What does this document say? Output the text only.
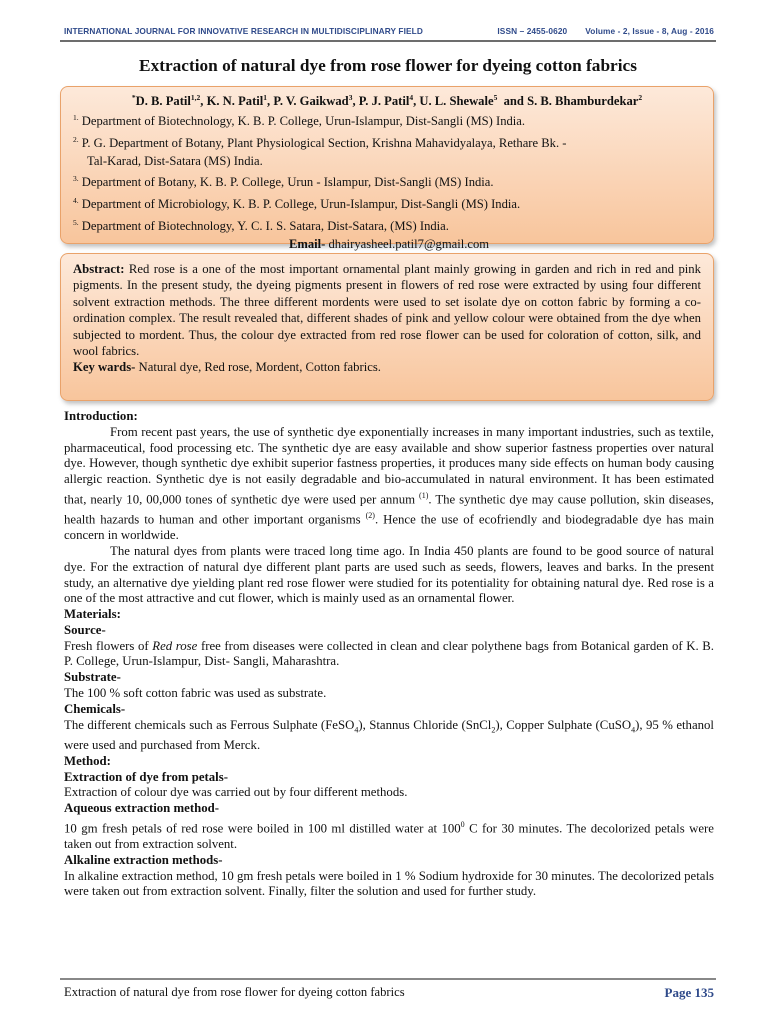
INTERNATIONAL JOURNAL FOR INNOVATIVE RESEARCH IN MULTIDISCIPLINARY FIELD	ISSN – 2455-0620 Volume - 2, Issue - 8, Aug - 2016
Extraction of natural dye from rose flower for dyeing cotton fabrics
*D. B. Patil$^{1,2}$, K. N. Patil$^1$, P. V. Gaikwad$^3$, P. J. Patil$^4$, U. L. Shewale$^5$ and S. B. Bhamburdekar$^2$
$^{1.}$ Department of Biotechnology, K. B. P. College, Urun-Islampur, Dist-Sangli (MS) India.
$^{2.}$ P. G. Department of Botany, Plant Physiological Section, Krishna Mahavidyalaya, Rethare Bk. -
Tal-Karad, Dist-Satara (MS) India.
$^{3.}$ Department of Botany, K. B. P. College, Urun - Islampur, Dist-Sangli (MS) India.
$^{4.}$ Department of Microbiology, K. B. P. College, Urun-Islampur, Dist-Sangli (MS) India.
$^{5.}$ Department of Biotechnology, Y. C. I. S. Satara, Dist-Satara, (MS) India.
Email- dhairyasheel.patil7@gmail.com
Abstract: Red rose is a one of the most important ornamental plant mainly growing in garden and rich in red and pink pigments. In the present study, the dyeing pigments present in flowers of red rose were extracted by using four different solvent extraction methods. The three different mordents were used to set isolate dye on cotton fabric by forming a co-ordination complex. The result revealed that, different shades of pink and yellow colour were obtained from the dye when subjected to mordent. Thus, the colour dye extracted from red rose flower can be used for coloration of cotton, silk, and wool fabrics.
Key wards- Natural dye, Red rose, Mordent, Cotton fabrics.

Introduction:

From recent past years, the use of synthetic dye exponentially increases in many important industries, such as textile, pharmaceutical, food processing etc. The synthetic dye are easy available and show superior fastness properties over natural dye. However, though synthetic dye exhibit superior fastness properties, it produces many side effects on human body causing allergic reaction. Synthetic dye is not easily degradable and bio-accumulated in natural environment. It has been estimated that, nearly 10, 00,000 tones of synthetic dye were used per annum $^{(1)}$. The synthetic dye may cause pollution, skin diseases, health hazards to human and other important organisms $^{(2)}$. Hence the use of ecofriendly and biodegradable dye has main concern in worldwide.

The natural dyes from plants were traced long time ago. In India 450 plants are found to be good source of natural dye. For the extraction of natural dye different plant parts are used such as seeds, flowers, leaves and barks. In the present study, an alternative dye yielding plant red rose flower were studied for its potentiality for obtaining natural dye. Red rose is a one of the most attractive and cut flower, which is mainly used as an ornamental flower.

Materials:

Source-

Fresh flowers of Red rose free from diseases were collected in clean and clear polythene bags from Botanical garden of K. B. P. College, Urun-Islampur, Dist- Sangli, Maharashtra.

Substrate-

The 100 % soft cotton fabric was used as substrate.

Chemicals-

The different chemicals such as Ferrous Sulphate (FeSO$_4$), Stannus Chloride (SnCl$_2$), Copper Sulphate (CuSO$_4$), 95 % ethanol were used and purchased from Merck.

Method:

Extraction of dye from petals-

Extraction of colour dye was carried out by four different methods.

Aqueous extraction method-

10 gm fresh petals of red rose were boiled in 100 ml distilled water at $100^0$ C for 30 minutes. The decolorized petals were taken out from extraction solvent.

Alkaline extraction methods-

In alkaline extraction method, 10 gm fresh petals were boiled in 1 % Sodium hydroxide for 30 minutes. The decolorized petals were taken out from extraction solvent. Finally, filter the solution and used for further study.

Extraction of natural dye from rose flower for dyeing cotton fabrics	Page 135
